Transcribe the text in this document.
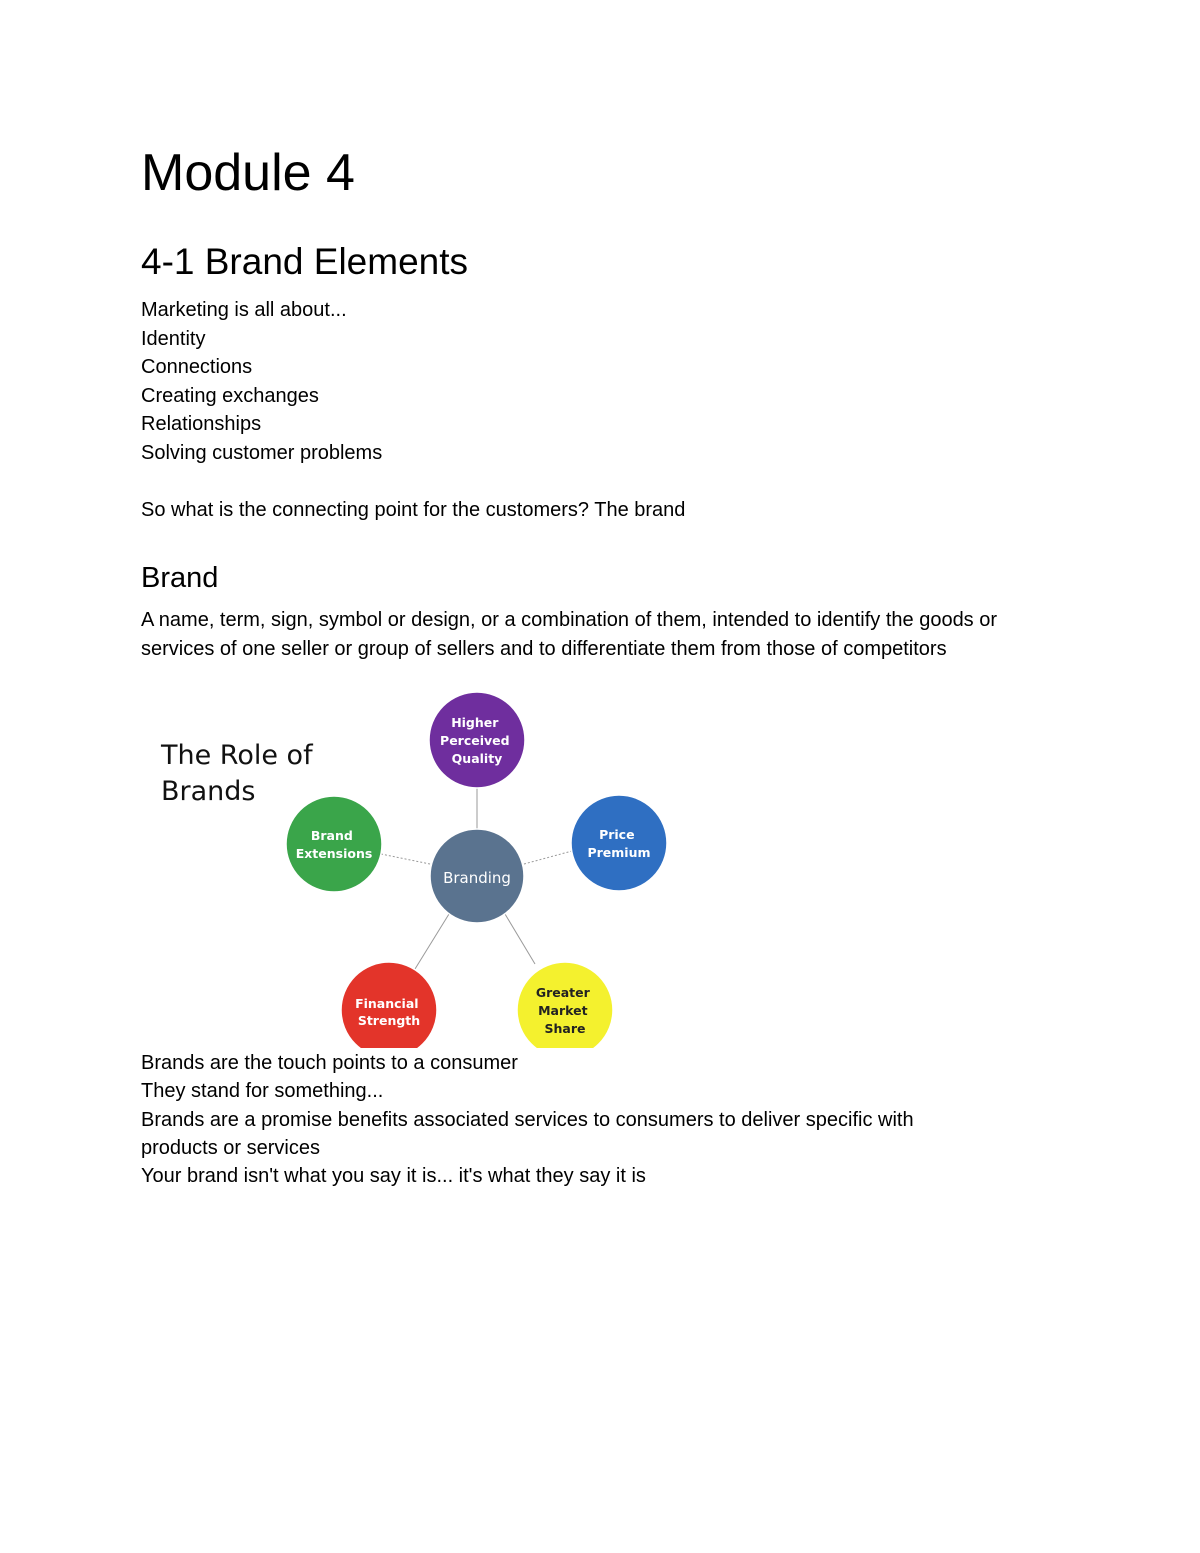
Module 4
4-1 Brand Elements
Marketing is all about...
Identity
Connections
Creating exchanges
Relationships
Solving customer problems

So what is the connecting point for the customers? The brand
Brand
A name, term, sign, symbol or design, or a combination of them, intended to identify the goods or services of one seller or group of sellers and to differentiate them from those of competitors
The Role of
Brands
Branding
Higher Perceived Quality
Price Premium
Greater Market Share
Financial Strength
Brand Extensions
Brands are the touch points to a consumer
They stand for something...
Brands are a promise benefits associated services to consumers to deliver specific with
products or services
Your brand isn't what you say it is... it's what they say it is
